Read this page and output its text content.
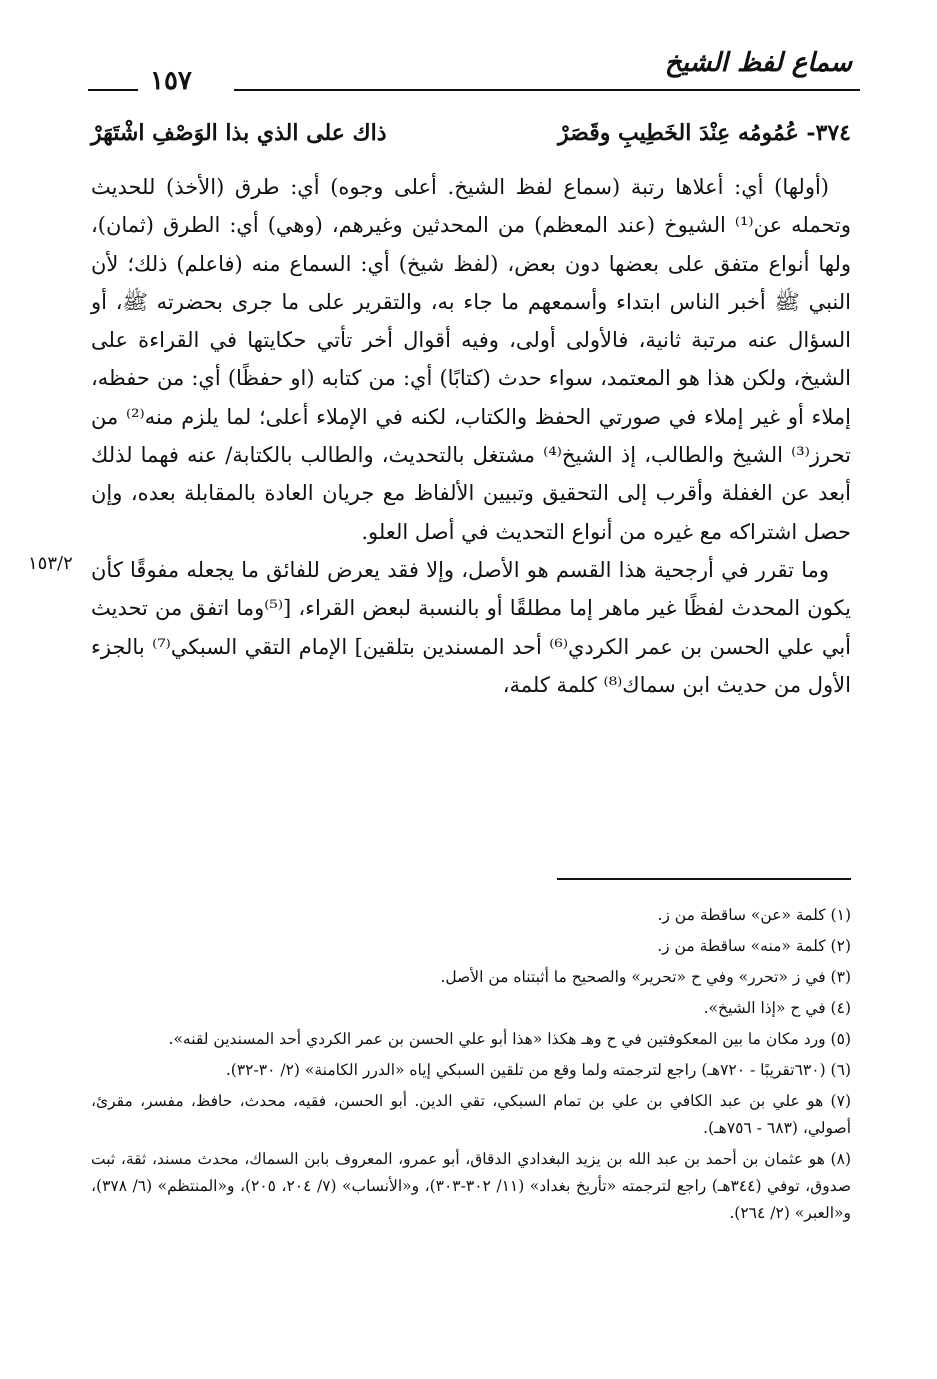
سماع لفظ الشيخ
١٥٧
٣٧٤- عُمُومُه عِنْدَ الخَطِيبِ وقَصَرْ
ذاك على الذي بذا الوَصْفِ اشْتَهَرْ

(أولها) أي: أعلاها رتبة (سماع لفظ الشيخ. أعلى وجوه) أي: طرق (الأخذ) للحديث وتحمله عن⁽¹⁾ الشيوخ (عند المعظم) من المحدثين وغيرهم، (وهي) أي: الطرق (ثمان)، ولها أنواع متفق على بعضها دون بعض، (لفظ شيخ) أي: السماع منه (فاعلم) ذلك؛ لأن النبي ﷺ أخبر الناس ابتداء وأسمعهم ما جاء به، والتقرير على ما جرى بحضرته ﷺ، أو السؤال عنه مرتبة ثانية، فالأولى أولى، وفيه أقوال أخر تأتي حكايتها في القراءة على الشيخ، ولكن هذا هو المعتمد، سواء حدث (كتابًا) أي: من كتابه (او حفظًا) أي: من حفظه، إملاء أو غير إملاء في صورتي الحفظ والكتاب، لكنه في الإملاء أعلى؛ لما يلزم منه⁽²⁾ من تحرز⁽³⁾ الشيخ والطالب، إذ الشيخ⁽⁴⁾ مشتغل بالتحديث، والطالب بالكتابة/ عنه فهما لذلك أبعد عن الغفلة وأقرب إلى التحقيق وتبيين الألفاظ مع جريان العادة بالمقابلة بعده، وإن حصل اشتراكه مع غيره من أنواع التحديث في أصل العلو.

وما تقرر في أرجحية هذا القسم هو الأصل، وإلا فقد يعرض للفائق ما يجعله مفوقًا كأن يكون المحدث لفظًا غير ماهر إما مطلقًا أو بالنسبة لبعض القراء، [⁽⁵⁾وما اتفق من تحديث أبي علي الحسن بن عمر الكردي⁽⁶⁾ أحد المسندين بتلقين] الإمام التقي السبكي⁽⁷⁾ بالجزء الأول من حديث ابن سماك⁽⁸⁾ كلمة كلمة،

١٥٣/٢

(١) كلمة «عن» ساقطة من ز.

(٢) كلمة «منه» ساقطة من ز.

(٣) في ز «تحرر» وفي ح «تحرير» والصحيح ما أثبتناه من الأصل.

(٤) في ح «إذا الشيخ».

(٥) ورد مكان ما بين المعكوفتين في ح وهـ هكذا «هذا أبو علي الحسن بن عمر الكردي أحد المسندين لقنه».

(٦) (٦٣٠تقريبًا - ٧٢٠هـ) راجع لترجمته ولما وقع من تلقين السبكي إياه «الدرر الكامنة» (٢/ ٣٠-٣٢).

(٧) هو علي بن عبد الكافي بن علي بن تمام السبكي، تقي الدين. أبو الحسن، فقيه، محدث، حافظ، مفسر، مقرئ، أصولي، (٦٨٣ - ٧٥٦هـ).

(٨) هو عثمان بن أحمد بن عبد الله بن يزيد البغدادي الدقاق، أبو عمرو، المعروف بابن السماك، محدث مسند، ثقة، ثبت صدوق، توفي (٣٤٤هـ) راجع لترجمته «تأريخ بغداد» (١١/ ٣٠٢-٣٠٣)، و«الأنساب» (٧/ ٢٠٤، ٢٠٥)، و«المنتظم» (٦/ ٣٧٨)، و«العبر» (٢/ ٢٦٤).
